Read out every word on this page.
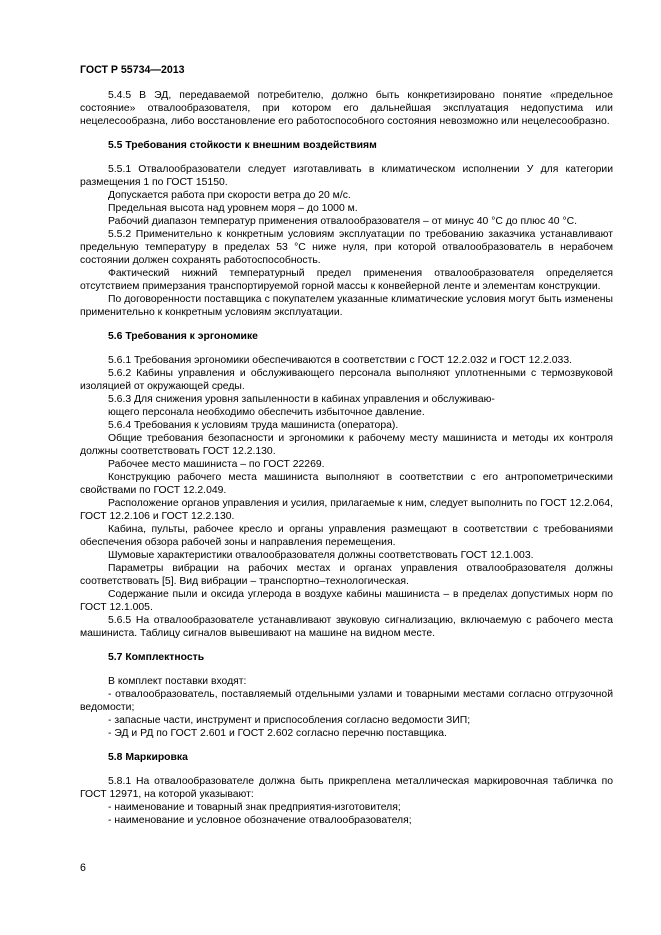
ГОСТ Р 55734—2013

5.4.5 В ЭД, передаваемой потребителю, должно быть конкретизировано понятие «предельное состояние» отвалообразователя, при котором его дальнейшая эксплуатация недопустима или нецелесообразна, либо восстановление его работоспособного состояния невозможно или нецелесообразно.

5.5 Требования стойкости к внешним воздействиям

5.5.1 Отвалообразователи следует изготавливать в климатическом исполнении У для категории размещения 1 по ГОСТ 15150.

Допускается работа при скорости ветра до 20 м/с.

Предельная высота над уровнем моря – до 1000 м.

Рабочий диапазон температур применения отвалообразователя – от минус 40 °С до плюс 40 °С.

5.5.2 Применительно к конкретным условиям эксплуатации по требованию заказчика устанавливают предельную температуру в пределах 53 °С ниже нуля, при которой отвалообразователь в нерабочем состоянии должен сохранять работоспособность.

Фактический нижний температурный предел применения отвалообразователя определяется отсутствием примерзания транспортируемой горной массы к конвейерной ленте и элементам конструкции.

По договоренности поставщика с покупателем указанные климатические условия могут быть изменены применительно к конкретным условиям эксплуатации.

5.6 Требования к эргономике

5.6.1 Требования эргономики обеспечиваются в соответствии с ГОСТ 12.2.032 и ГОСТ 12.2.033.

5.6.2 Кабины управления и обслуживающего персонала выполняют уплотненными с термозвуковой изоляцией от окружающей среды.

5.6.3 Для снижения уровня запыленности в кабинах управления и обслуживаю-

ющего персонала необходимо обеспечить избыточное давление.

5.6.4 Требования к условиям труда машиниста (оператора).

Общие требования безопасности и эргономики к рабочему месту машиниста и методы их контроля должны соответствовать ГОСТ 12.2.130.

Рабочее место машиниста – по ГОСТ 22269.

Конструкцию рабочего места машиниста выполняют в соответствии с его антропометрическими свойствами по ГОСТ 12.2.049.

Расположение органов управления и усилия, прилагаемые к ним, следует выполнить по ГОСТ 12.2.064, ГОСТ 12.2.106 и ГОСТ 12.2.130.

Кабина, пульты, рабочее кресло и органы управления размещают в соответствии с требованиями обеспечения обзора рабочей зоны и направления перемещения.

Шумовые характеристики отвалообразователя должны соответствовать ГОСТ 12.1.003.

Параметры вибрации на рабочих местах и органах управления отвалообразователя должны соответствовать [5]. Вид вибрации – транспортно–технологическая.

Содержание пыли и оксида углерода в воздухе кабины машиниста – в пределах допустимых норм по ГОСТ 12.1.005.

5.6.5 На отвалообразователе устанавливают звуковую сигнализацию, включаемую с рабочего места машиниста. Таблицу сигналов вывешивают на машине на видном месте.

5.7 Комплектность

В комплект поставки входят:

- отвалообразователь, поставляемый отдельными узлами и товарными местами согласно отгрузочной ведомости;

- запасные части, инструмент и приспособления согласно ведомости ЗИП;

- ЭД и РД по ГОСТ 2.601 и ГОСТ 2.602 согласно перечню поставщика.

5.8 Маркировка

5.8.1 На отвалообразователе должна быть прикреплена металлическая маркировочная табличка по ГОСТ 12971, на которой указывают:

- наименование и товарный знак предприятия-изготовителя;

- наименование и условное обозначение отвалообразователя;

6
